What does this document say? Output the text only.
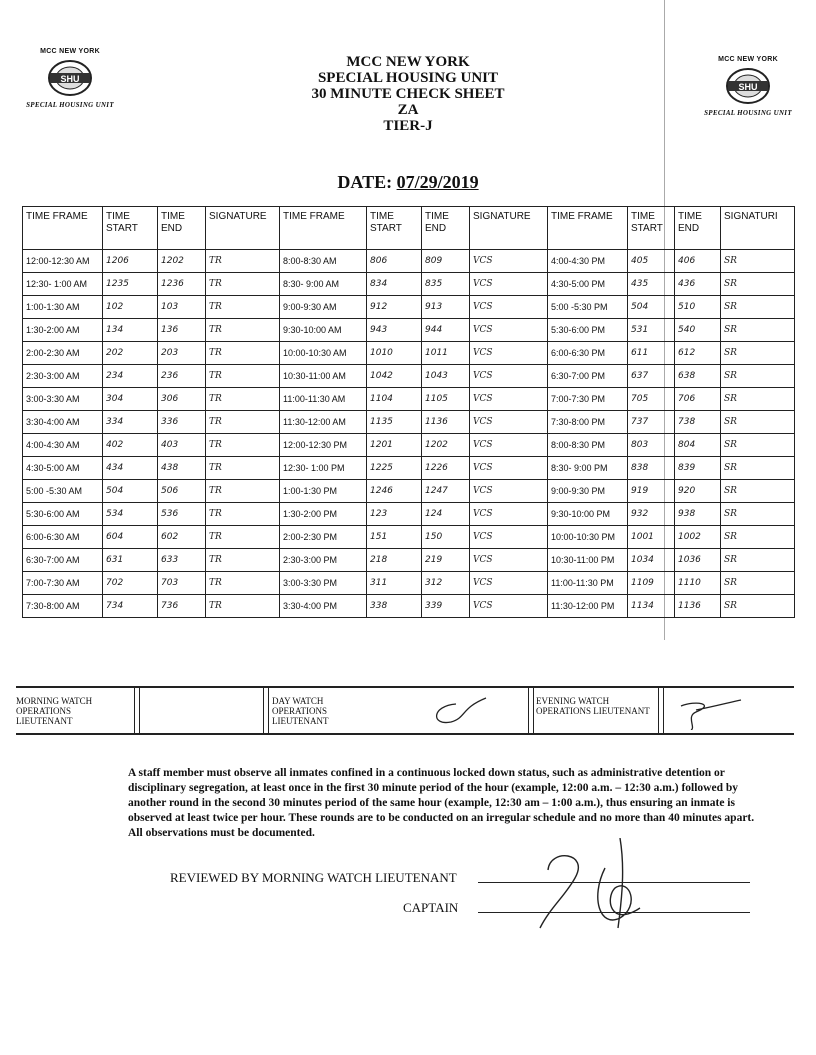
MCC NEW YORK
SHU
SPECIAL HOUSING UNIT
MCC NEW YORK
SHU
SPECIAL HOUSING UNIT
MCC NEW YORK
SPECIAL HOUSING UNIT
30 MINUTE CHECK SHEET
ZA
TIER-J
DATE: 07/29/2019
TIME FRAME	TIME START	TIME END	SIGNATURE	TIME FRAME	TIME START	TIME END	SIGNATURE	TIME FRAME	TIME START	TIME END	SIGNATURI
12:00-12:30 AM	1206	1202	TR	8:00-8:30 AM	806	809	VCS	4:00-4:30 PM	405	406	SR
12:30- 1:00 AM	1235	1236	TR	8:30- 9:00 AM	834	835	VCS	4:30-5:00 PM	435	436	SR
1:00-1:30 AM	102	103	TR	9:00-9:30 AM	912	913	VCS	5:00 -5:30 PM	504	510	SR
1:30-2:00 AM	134	136	TR	9:30-10:00 AM	943	944	VCS	5:30-6:00 PM	531	540	SR
2:00-2:30 AM	202	203	TR	10:00-10:30 AM	1010	1011	VCS	6:00-6:30 PM	611	612	SR
2:30-3:00 AM	234	236	TR	10:30-11:00 AM	1042	1043	VCS	6:30-7:00 PM	637	638	SR
3:00-3:30 AM	304	306	TR	11:00-11:30 AM	1104	1105	VCS	7:00-7:30 PM	705	706	SR
3:30-4:00 AM	334	336	TR	11:30-12:00 AM	1135	1136	VCS	7:30-8:00 PM	737	738	SR
4:00-4:30 AM	402	403	TR	12:00-12:30 PM	1201	1202	VCS	8:00-8:30 PM	803	804	SR
4:30-5:00 AM	434	438	TR	12:30- 1:00 PM	1225	1226	VCS	8:30- 9:00 PM	838	839	SR
5:00 -5:30 AM	504	506	TR	1:00-1:30 PM	1246	1247	VCS	9:00-9:30 PM	919	920	SR
5:30-6:00 AM	534	536	TR	1:30-2:00 PM	123	124	VCS	9:30-10:00 PM	932	938	SR
6:00-6:30 AM	604	602	TR	2:00-2:30 PM	151	150	VCS	10:00-10:30 PM	1001	1002	SR
6:30-7:00 AM	631	633	TR	2:30-3:00 PM	218	219	VCS	10:30-11:00 PM	1034	1036	SR
7:00-7:30 AM	702	703	TR	3:00-3:30 PM	311	312	VCS	11:00-11:30 PM	1109	1110	SR
7:30-8:00 AM	734	736	TR	3:30-4:00 PM	338	339	VCS	11:30-12:00 PM	1134	1136	SR
MORNING WATCH OPERATIONS LIEUTENANT
DAY WATCH OPERATIONS LIEUTENANT
EVENING WATCH OPERATIONS LIEUTENANT
A staff member must observe all inmates confined in a continuous locked down status, such as administrative detention or disciplinary segregation, at least once in the first 30 minute period of the hour (example, 12:00 a.m. – 12:30 a.m.) followed by another round in the second 30 minutes period of the same hour (example, 12:30 am – 1:00 a.m.), thus ensuring an inmate is observed at least twice per hour. These rounds are to be conducted on an irregular schedule and no more than 40 minutes apart. All observations must be documented.
REVIEWED BY MORNING WATCH LIEUTENANT
CAPTAIN
